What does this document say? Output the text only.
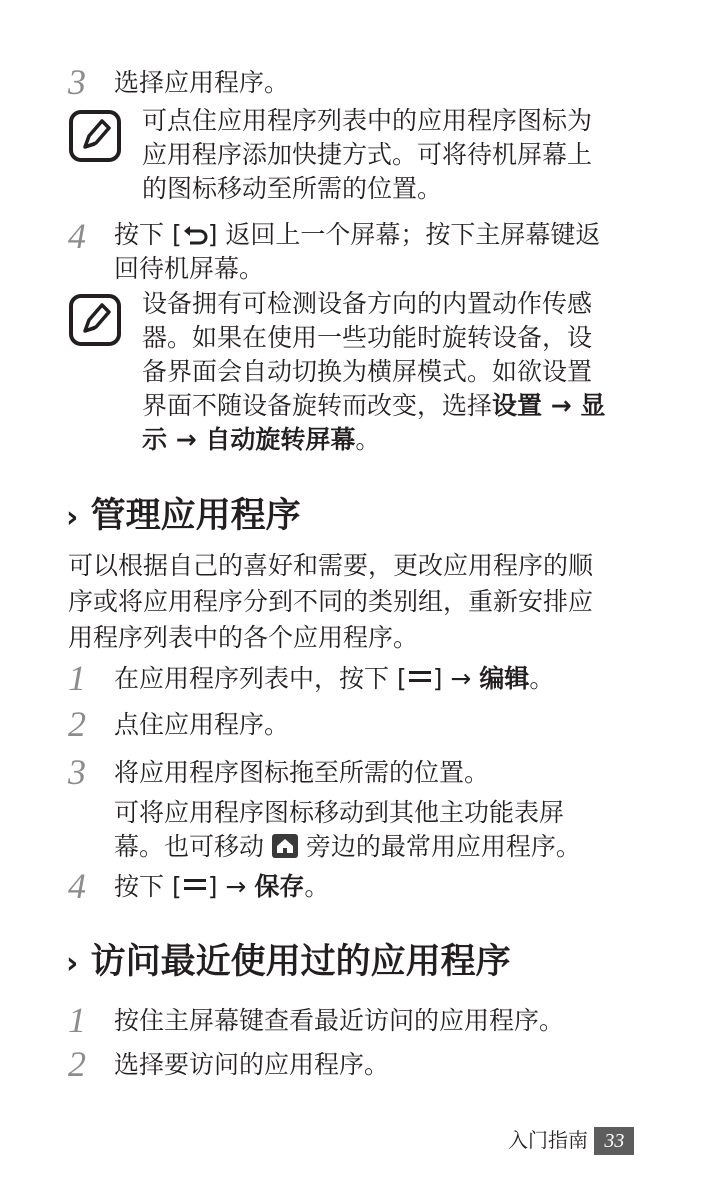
3 选择应用程序。
可点住应用程序列表中的应用程序图标为
应用程序添加快捷方式。可将待机屏幕上
的图标移动至所需的位置。
4 按下 [ ] 返回上一个屏幕；按下主屏幕键返
回待机屏幕。
设备拥有可检测设备方向的内置动作传感
器。如果在使用一些功能时旋转设备，设
备界面会自动切换为横屏模式。如欲设置
界面不随设备旋转而改变，选择设置 → 显
示 → 自动旋转屏幕。
› 管理应用程序
可以根据自己的喜好和需要，更改应用程序的顺
序或将应用程序分到不同的类别组，重新安排应
用程序列表中的各个应用程序。
1 在应用程序列表中，按下 [ ] → 编辑。
2 点住应用程序。
3 将应用程序图标拖至所需的位置。
可将应用程序图标移动到其他主功能表屏
幕。也可移动  旁边的最常用应用程序。
4 按下 [ ] → 保存。
› 访问最近使用过的应用程序
1 按住主屏幕键查看最近访问的应用程序。
2 选择要访问的应用程序。
入门指南 33
